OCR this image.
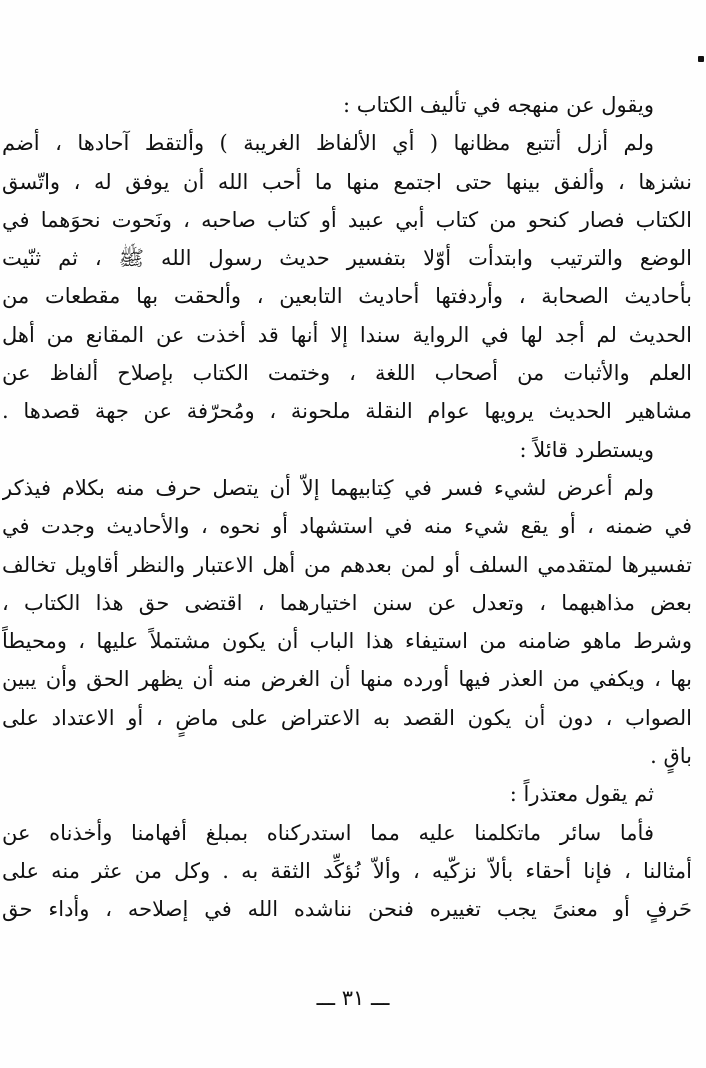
ويقول عن منهجه في تأليف الكتاب :
ولم أزل أتتبع مظانها ( أي الألفاظ الغريبة ) وألتقط آحادها ، أضم
نشزها ، وألفق بينها حتى اجتمع منها ما أحب الله أن يوفق له ، واتّسق
الكتاب فصار كنحو من كتاب أبي عبيد أو كتاب صاحبه ، ونَحوت نحوَهما في
الوضع والترتيب وابتدأت أوّلا بتفسير حديث رسول الله ﷺ ، ثم ثنّيت
بأحاديث الصحابة ، وأردفتها أحاديث التابعين ، وألحقت بها مقطعات من
الحديث لم أجد لها في الرواية سندا إلا أنها قد أخذت عن المقانع من أهل
العلم والأثبات من أصحاب اللغة ، وختمت الكتاب بإصلاح ألفاظ عن
مشاهير الحديث يرويها عوام النقلة ملحونة ، ومُحرّفة عن جهة قصدها .
ويستطرد قائلاً :
ولم أعرض لشيء فسر في كِتابيهما إلاّ أن يتصل حرف منه بكلام فيذكر
في ضمنه ، أو يقع شيء منه في استشهاد أو نحوه ، والأحاديث وجدت في
تفسيرها لمتقدمي السلف أو لمن بعدهم من أهل الاعتبار والنظر أقاويل تخالف
بعض مذاهبهما ، وتعدل عن سنن اختيارهما ، اقتضى حق هذا الكتاب ،
وشرط ماهو ضامنه من استيفاء هذا الباب أن يكون مشتملاً عليها ، ومحيطاً
بها ، ويكفي من العذر فيها أورده منها أن الغرض منه أن يظهر الحق وأن يبين
الصواب ، دون أن يكون القصد به الاعتراض على ماضٍ ، أو الاعتداد على
باقٍ .
ثم يقول معتذراً :
فأما سائر ماتكلمنا عليه مما استدركناه بمبلغ أفهامنا وأخذناه عن
أمثالنا ، فإنا أحقاء بألاّ نزكّيه ، وألاّ نُؤكِّد الثقة به . وكل من عثر منه على
حَرفٍ أو معنىً يجب تغييره فنحن نناشده الله في إصلاحه ، وأداء حق
ـــ ٣١ ـــ
